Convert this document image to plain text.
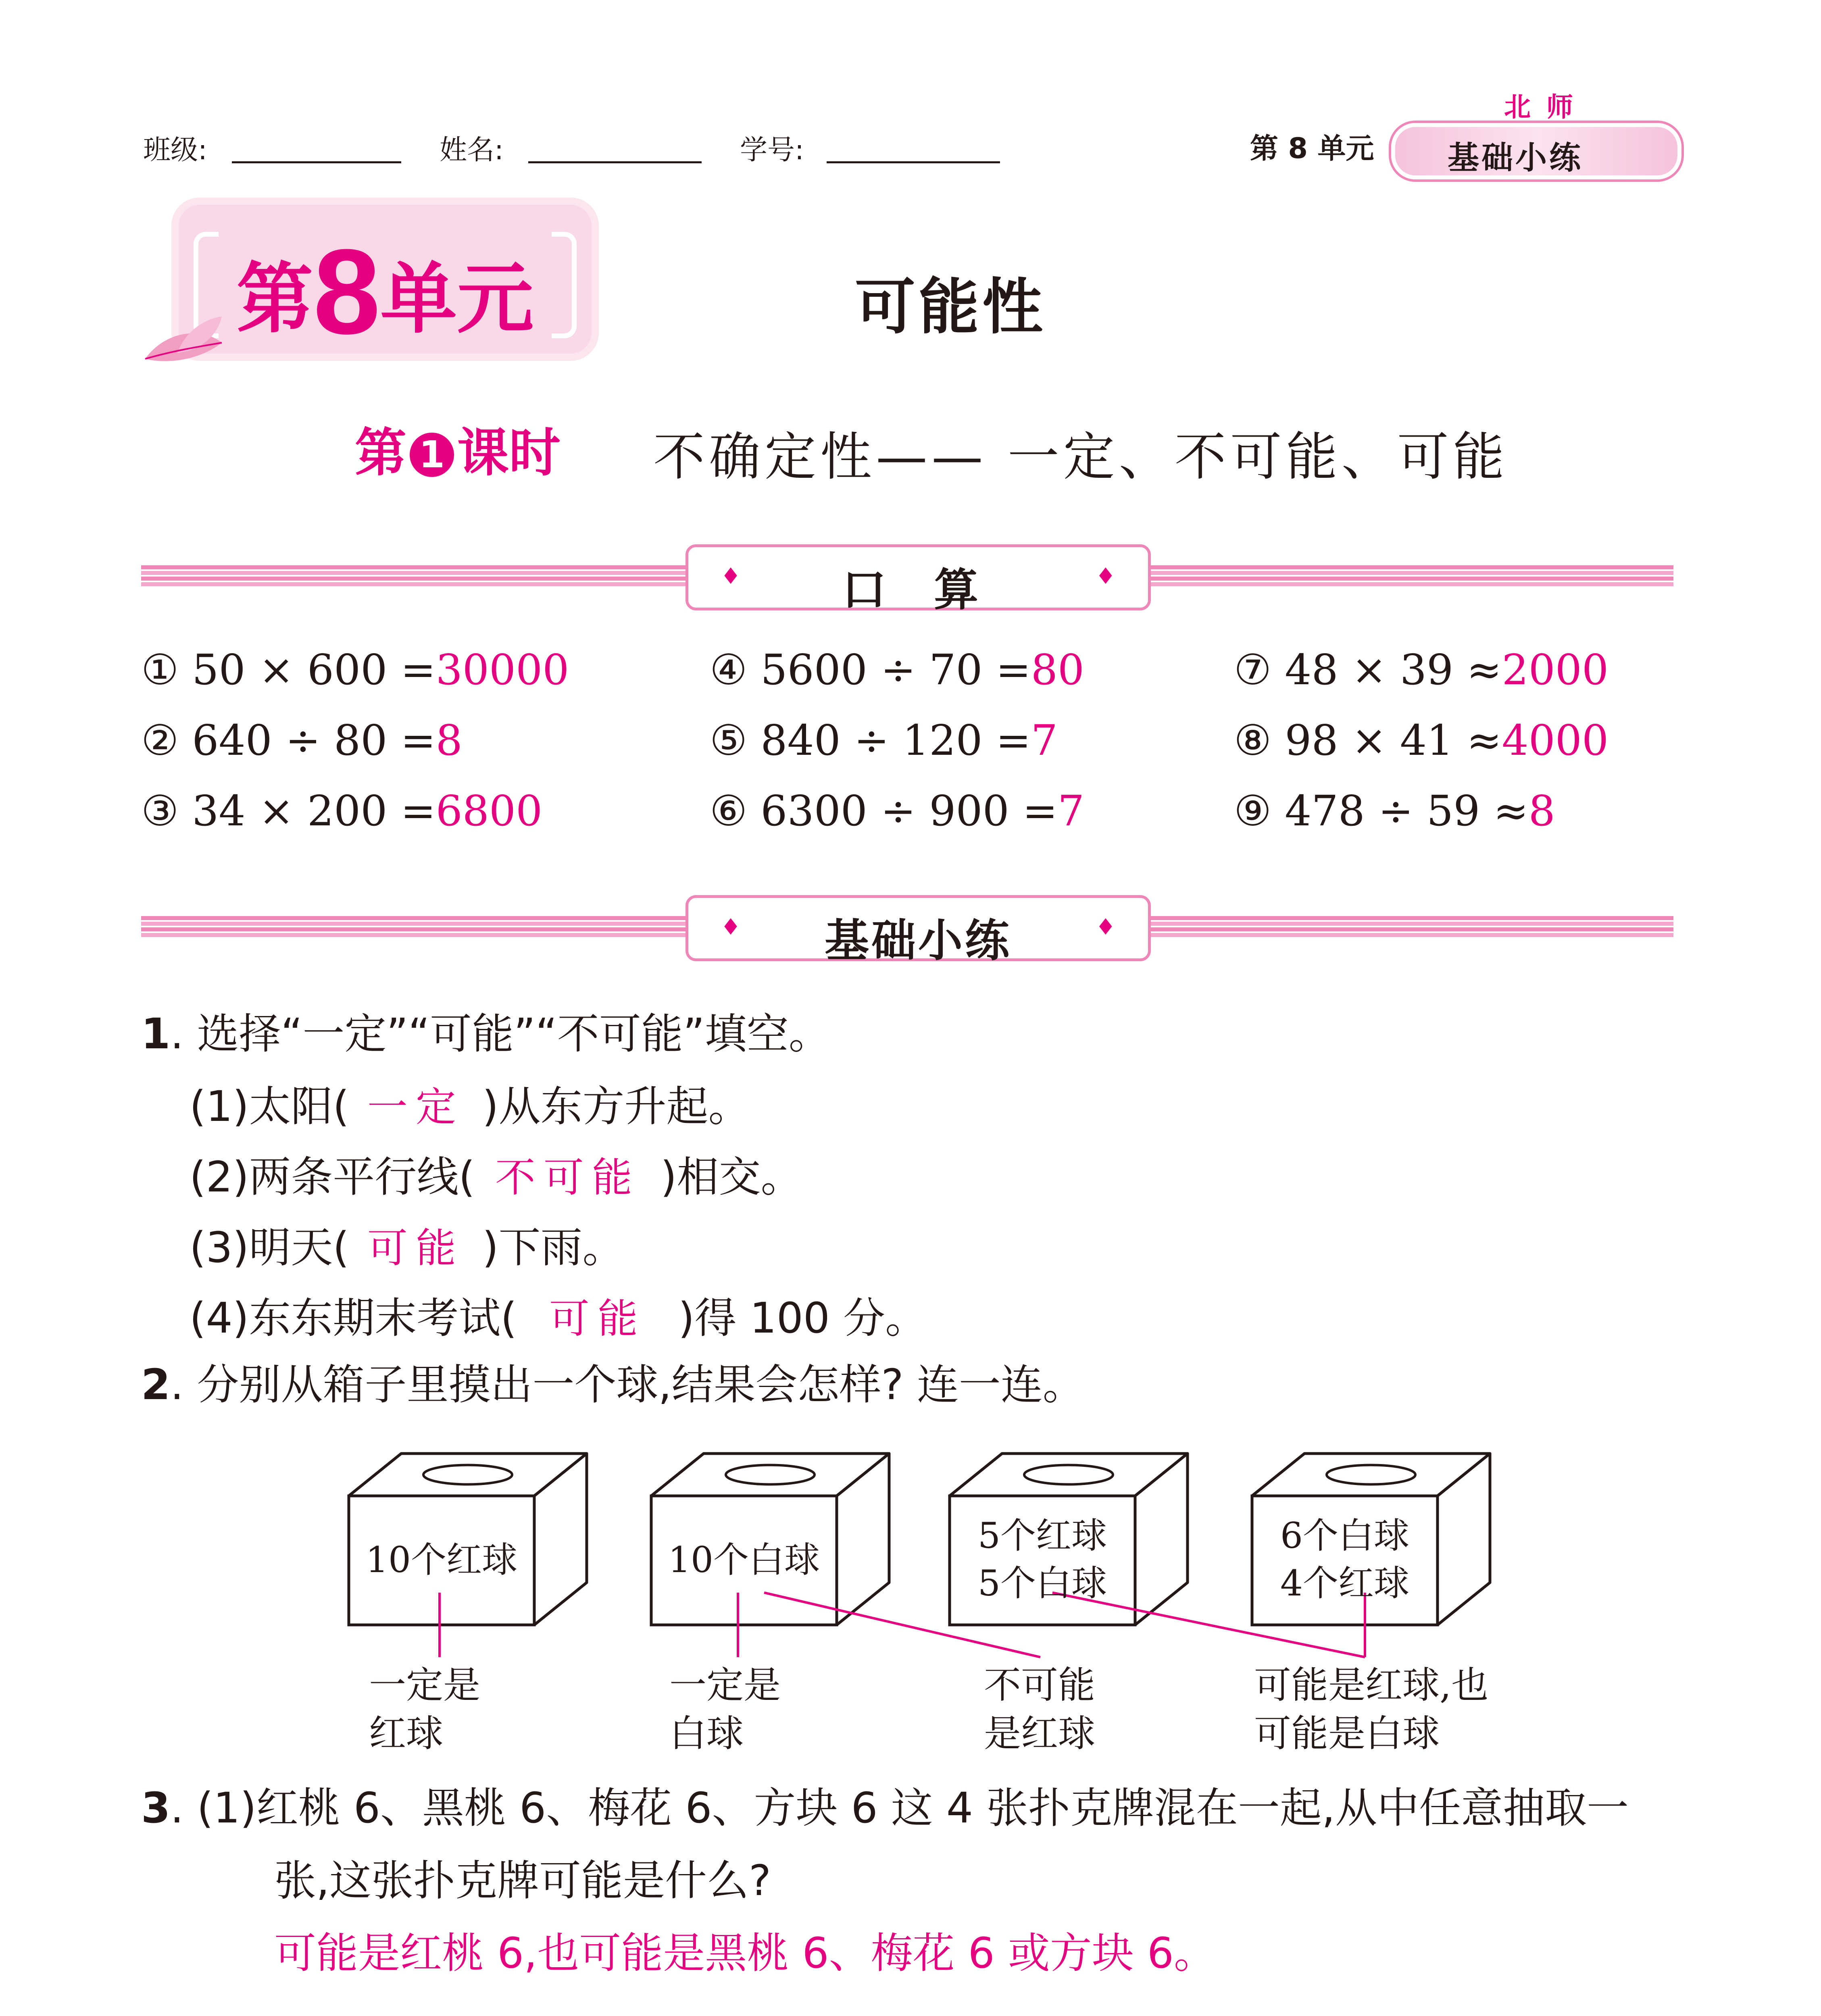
班级:	姓名:	学号:	第 8 单元
北 师
基础小练
第8单元	可能性
第 1 课时 不确定性—— 一定、不可能、可能
♦	口 算	♦
① 50 × 600 =30000
② 640 ÷ 80 =8
③ 34 × 200 =6800
④ 5600 ÷ 70 =80
⑤ 840 ÷ 120 =7
⑥ 6300 ÷ 900 =7
⑦ 48 × 39 ≈2000
⑧ 98 × 41 ≈4000
⑨ 478 ÷ 59 ≈8
♦	基础小练	♦
1. 选择“一定”“可能”“不可能”填空。
(1)太阳( 一定 )从东方升起。
(2)两条平行线( 不可能 )相交。
(3)明天( 可能 )下雨。
(4)东东期末考试( 可能 )得 100 分。
2. 分别从箱子里摸出一个球,结果会怎样? 连一连。
10个红球	10个白球
5个红球
5个白球
6个白球
4个红球
一定是
红球
一定是
白球
不可能
是红球
可能是红球,也
可能是白球
3. (1)红桃 6、黑桃 6、梅花 6、方块 6 这 4 张扑克牌混在一起,从中任意抽取一
张,这张扑克牌可能是什么?
可能是红桃 6,也可能是黑桃 6、梅花 6 或方块 6。
